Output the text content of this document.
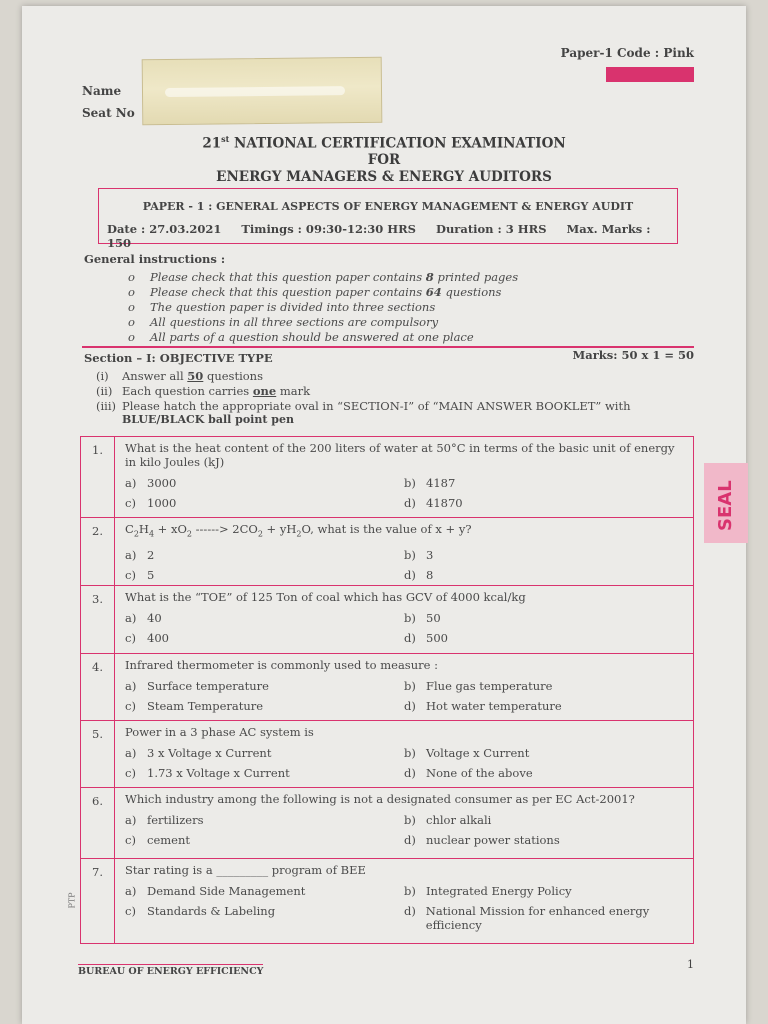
Paper-1 Code : Pink
Name
Seat No
21st NATIONAL CERTIFICATION EXAMINATION
FOR
ENERGY MANAGERS & ENERGY AUDITORS
PAPER - 1 : GENERAL ASPECTS OF ENERGY MANAGEMENT & ENERGY AUDIT
Date : 27.03.2021 Timings : 09:30-12:30 HRS Duration : 3 HRS Max. Marks : 150
General instructions :
o Please check that this question paper contains 8 printed pages
o Please check that this question paper contains 64 questions
o The question paper is divided into three sections
o All questions in all three sections are compulsory
o All parts of a question should be answered at one place
Section – I: OBJECTIVE TYPE	Marks: 50 x 1 = 50
(i) Answer all 50 questions
(ii) Each question carries one mark
(iii) Please hatch the appropriate oval in “SECTION-I” of “MAIN ANSWER BOOKLET” with
BLUE/BLACK ball point pen
1.	What is the heat content of the 200 liters of water at 50°C in terms of the basic unit of energy in kilo Joules (kJ)
a) 3000	b) 4187
c) 1000	d) 41870
2.	$C_2H_4 + xO_2$ ------> $2CO_2 + yH_2O$, what is the value of x + y?
a) 2	b) 3
c) 5	d) 8
3.	What is the “TOE” of 125 Ton of coal which has GCV of 4000 kcal/kg
a) 40	b) 50
c) 400	d) 500
4.	Infrared thermometer is commonly used to measure :
a) Surface temperature	b) Flue gas temperature
c) Steam Temperature	d) Hot water temperature
5.	Power in a 3 phase AC system is
a) 3 x Voltage x Current	b) Voltage x Current
c) 1.73 x Voltage x Current	d) None of the above
6.	Which industry among the following is not a designated consumer as per EC Act-2001?
a) fertilizers	b) chlor alkali
c) cement	d) nuclear power stations
7.	Star rating is a _________ program of BEE
a) Demand Side Management	b) Integrated Energy Policy
c) Standards & Labeling	d) National Mission for enhanced energy efficiency
PTP
BUREAU OF ENERGY EFFICIENCY
1
SEAL
